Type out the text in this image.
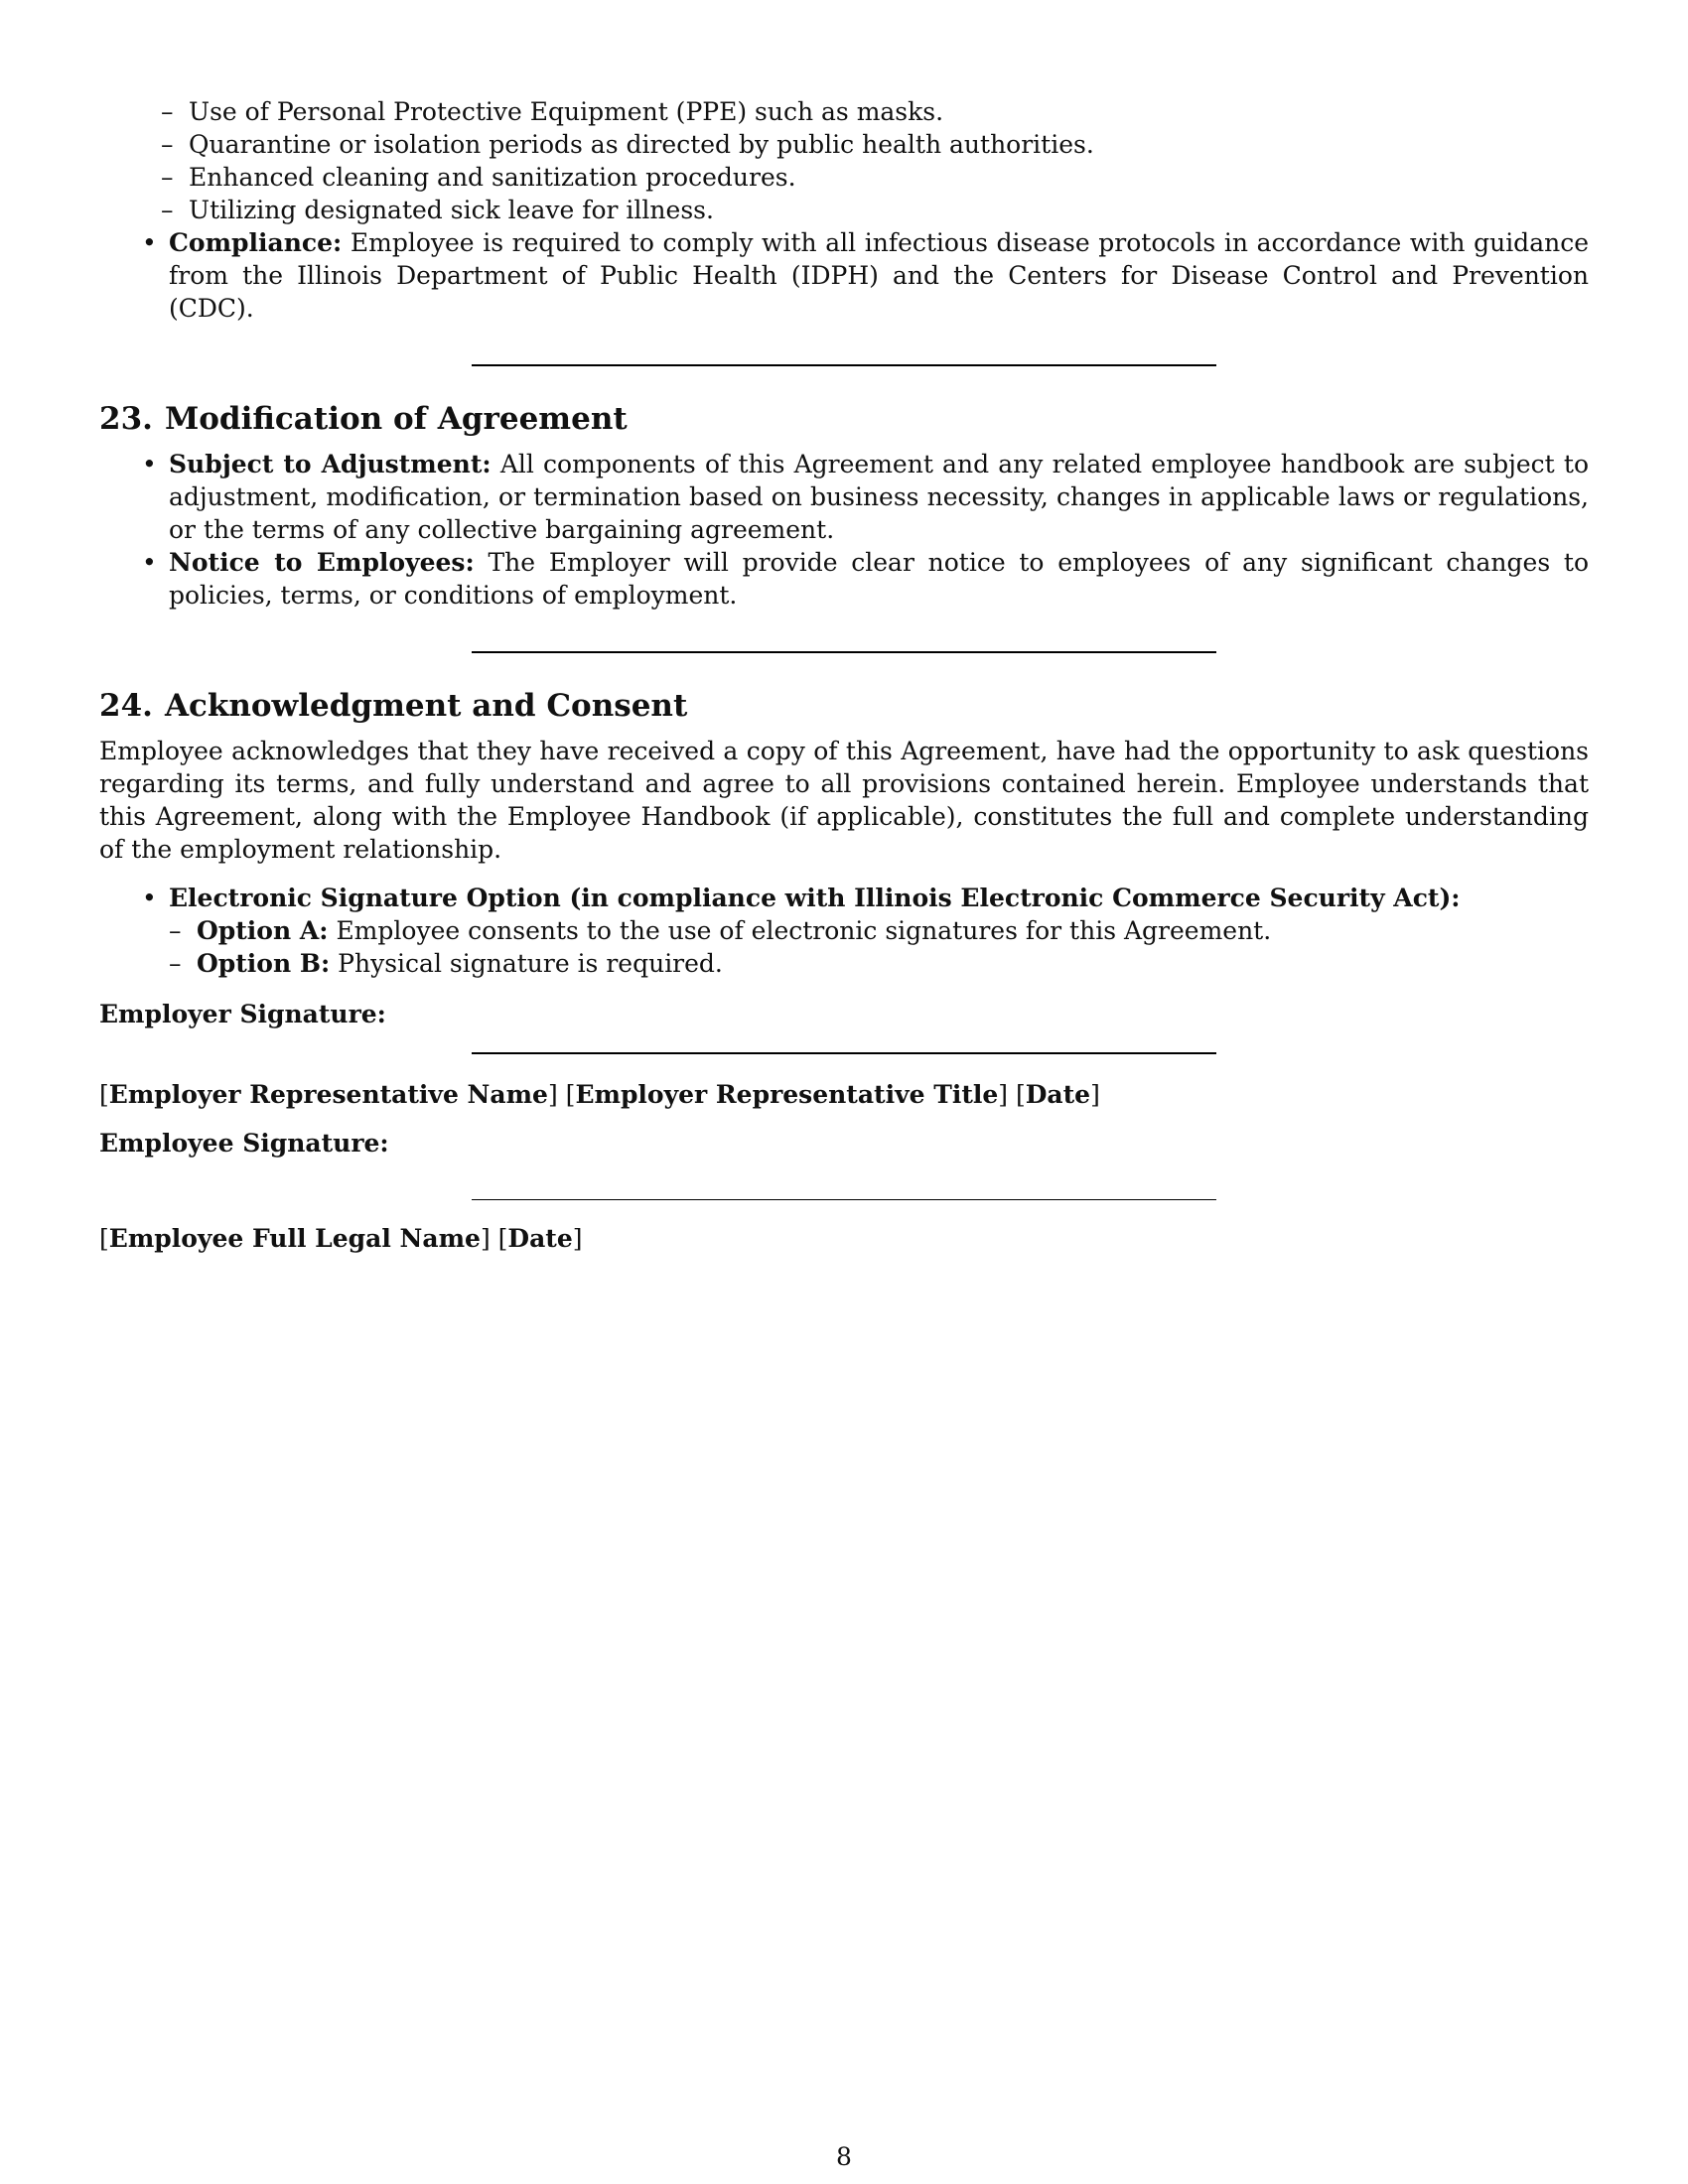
– Use of Personal Protective Equipment (PPE) such as masks.
– Quarantine or isolation periods as directed by public health authorities.
– Enhanced cleaning and sanitization procedures.
– Utilizing designated sick leave for illness.
• Compliance: Employee is required to comply with all infectious disease protocols in accordance with guidance from the Illinois Department of Public Health (IDPH) and the Centers for Disease Control and Prevention (CDC).
23. Modification of Agreement
• Subject to Adjustment: All components of this Agreement and any related employee handbook are subject to adjustment, modification, or termination based on business necessity, changes in applicable laws or regulations, or the terms of any collective bargaining agreement.
• Notice to Employees: The Employer will provide clear notice to employees of any significant changes to policies, terms, or conditions of employment.
24. Acknowledgment and Consent

Employee acknowledges that they have received a copy of this Agreement, have had the opportunity to ask questions regarding its terms, and fully understand and agree to all provisions contained herein. Employee understands that this Agreement, along with the Employee Handbook (if applicable), constitutes the full and complete understanding of the employment relationship.

• Electronic Signature Option (in compliance with Illinois Electronic Commerce Security Act):
– Option A: Employee consents to the use of electronic signatures for this Agreement.
– Option B: Physical signature is required.

Employer Signature:

[Employer Representative Name] [Employer Representative Title] [Date]

Employee Signature:

[Employee Full Legal Name] [Date]

8
